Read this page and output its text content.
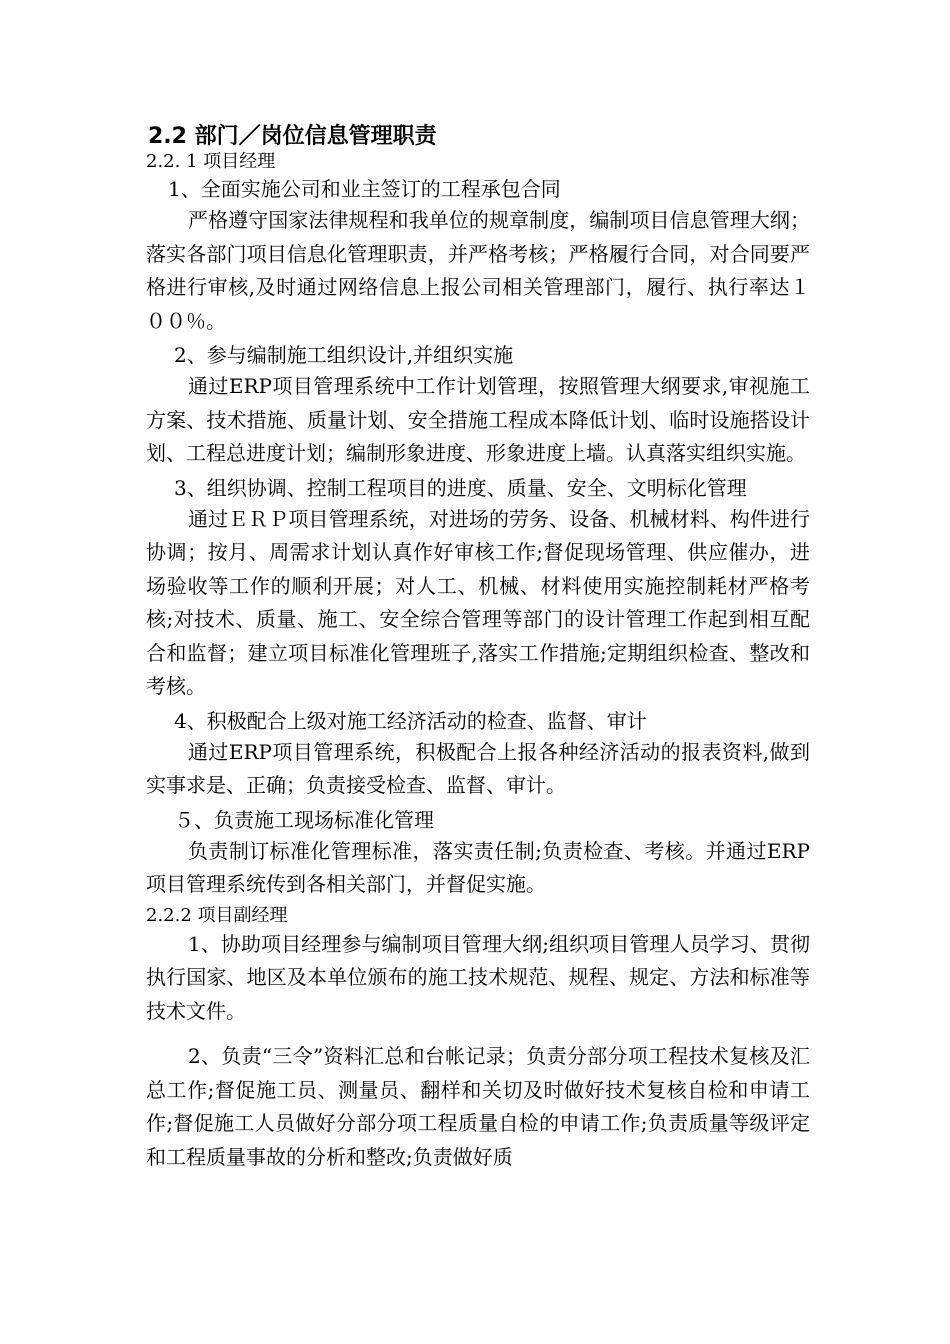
2.2 部门／岗位信息管理职责

2.2. 1 项目经理

1、全面实施公司和业主签订的工程承包合同

严格遵守国家法律规程和我单位的规章制度，编制项目信息管理大纲；落实各部门项目信息化管理职责，并严格考核；严格履行合同，对合同要严格进行审核,及时通过网络信息上报公司相关管理部门，履行、执行率达１００％。

2、参与编制施工组织设计,并组织实施

通过ERP项目管理系统中工作计划管理，按照管理大纲要求,审视施工方案、技术措施、质量计划、安全措施工程成本降低计划、临时设施搭设计划、工程总进度计划；编制形象进度、形象进度上墙。认真落实组织实施。

3、组织协调、控制工程项目的进度、质量、安全、文明标化管理

通过ＥＲＰ项目管理系统，对进场的劳务、设备、机械材料、构件进行协调；按月、周需求计划认真作好审核工作;督促现场管理、供应催办，进场验收等工作的顺利开展；对人工、机械、材料使用实施控制耗材严格考核;对技术、质量、施工、安全综合管理等部门的设计管理工作起到相互配合和监督；建立项目标准化管理班子,落实工作措施;定期组织检查、整改和考核。

4、积极配合上级对施工经济活动的检查、监督、审计

通过ERP项目管理系统，积极配合上报各种经济活动的报表资料,做到实事求是、正确；负责接受检查、监督、审计。

５、负责施工现场标准化管理

负责制订标准化管理标准，落实责任制;负责检查、考核。并通过ERP项目管理系统传到各相关部门，并督促实施。

2.2.2 项目副经理

1、协助项目经理参与编制项目管理大纲;组织项目管理人员学习、贯彻执行国家、地区及本单位颁布的施工技术规范、规程、规定、方法和标准等技术文件。

2、负责“三令”资料汇总和台帐记录；负责分部分项工程技术复核及汇总工作;督促施工员、测量员、翻样和关切及时做好技术复核自检和申请工作;督促施工人员做好分部分项工程质量自检的申请工作;负责质量等级评定和工程质量事故的分析和整改;负责做好质
